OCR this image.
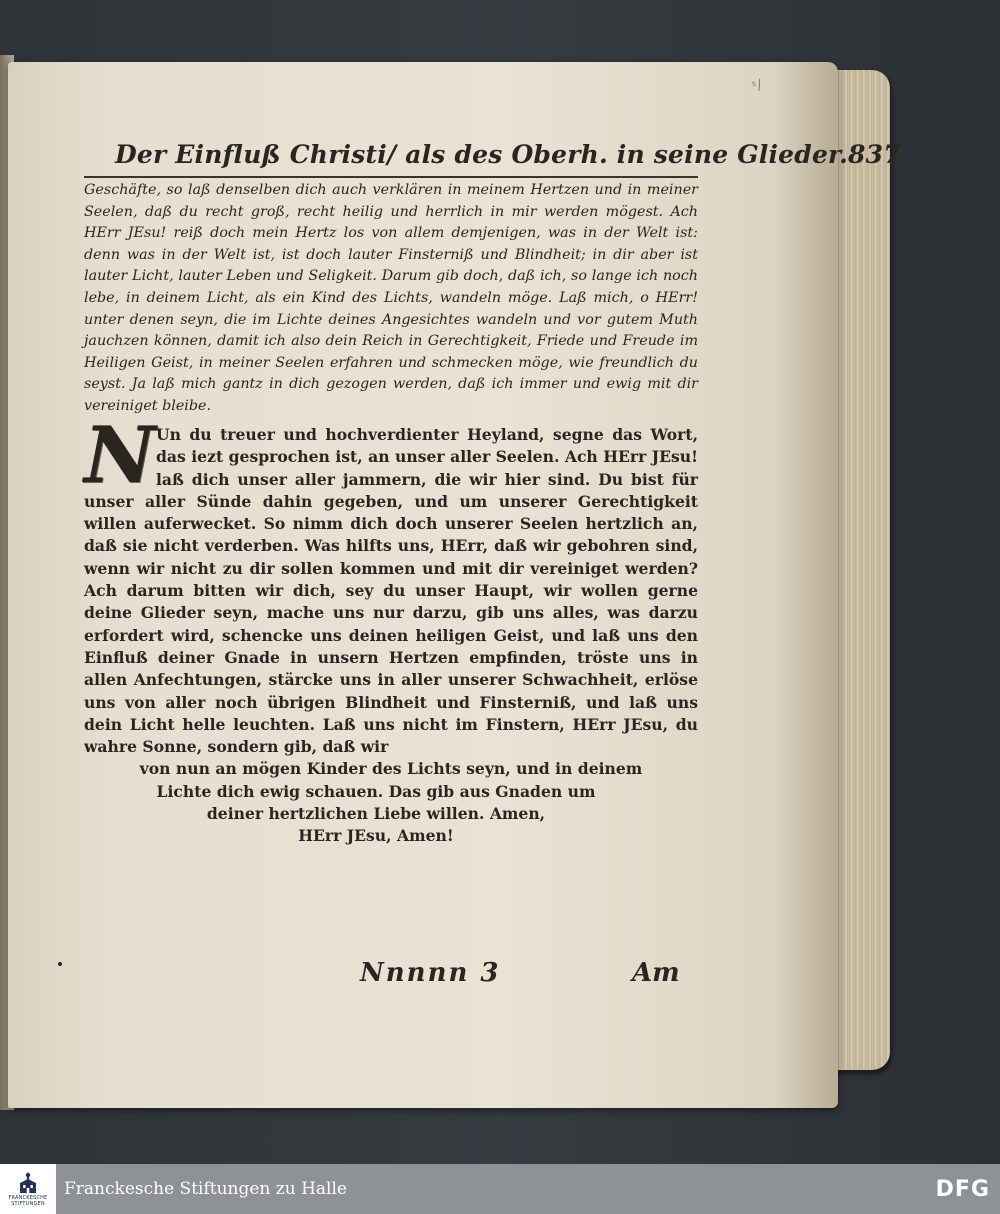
ˢ/
Der Einfluß Christi/ als des Oberh. in seine Glieder. 837
Geschäfte, so laß denselben dich auch verklären in meinem Hertzen und in meiner Seelen, daß du recht groß, recht heilig und herrlich in mir werden mögest. Ach HErr JEsu! reiß doch mein Hertz los von allem demjenigen, was in der Welt ist: denn was in der Welt ist, ist doch lauter Finsterniß und Blindheit; in dir aber ist lauter Licht, lauter Leben und Seligkeit. Darum gib doch, daß ich, so lange ich noch lebe, in deinem Licht, als ein Kind des Lichts, wandeln möge. Laß mich, o HErr! unter denen seyn, die im Lichte deines Angesichtes wandeln und vor gutem Muth jauchzen können, damit ich also dein Reich in Gerechtigkeit, Friede und Freude im Heiligen Geist, in meiner Seelen erfahren und schmecken möge, wie freundlich du seyst. Ja laß mich gantz in dich gezogen werden, daß ich immer und ewig mit dir vereiniget bleibe.
N Un du treuer und hochverdienter Heyland, segne das Wort, das iezt gesprochen ist, an unser aller Seelen. Ach HErr JEsu! laß dich unser aller jammern, die wir hier sind. Du bist für unser aller Sünde dahin gegeben, und um unserer Gerechtigkeit willen auferwecket. So nimm dich doch unserer Seelen hertzlich an, daß sie nicht verderben. Was hilfts uns, HErr, daß wir gebohren sind, wenn wir nicht zu dir sollen kommen und mit dir vereiniget werden? Ach darum bitten wir dich, sey du unser Haupt, wir wollen gerne deine Glieder seyn, mache uns nur darzu, gib uns alles, was darzu erfordert wird, schencke uns deinen heiligen Geist, und laß uns den Einfluß deiner Gnade in unsern Hertzen empfinden, tröste uns in allen Anfechtungen, stärcke uns in aller unserer Schwachheit, erlöse uns von aller noch übrigen Blindheit und Finsterniß, und laß uns dein Licht helle leuchten. Laß uns nicht im Finstern, HErr JEsu, du wahre Sonne, sondern gib, daß wir
von nun an mögen Kinder des Lichts seyn, und in deinem
Lichte dich ewig schauen. Das gib aus Gnaden um
deiner hertzlichen Liebe willen. Amen,
HErr JEsu, Amen!
Nnnnn 3	Am
FRANCKESCHE
STIFTUNGEN
Franckesche Stiftungen zu Halle	DFG
